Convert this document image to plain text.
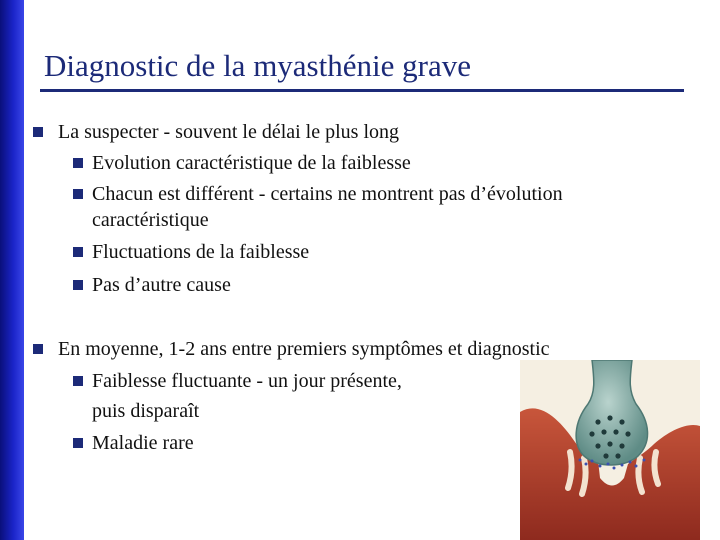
Diagnostic de la myasthénie grave
La suspecter - souvent le délai le plus long
Evolution caractéristique de la faiblesse
Chacun est différent - certains ne montrent pas d’évolution
caractéristique
Fluctuations de la faiblesse
Pas d’autre cause
En moyenne, 1-2 ans entre premiers symptômes et diagnostic
Faiblesse fluctuante - un jour présente,
puis disparaît
Maladie rare
